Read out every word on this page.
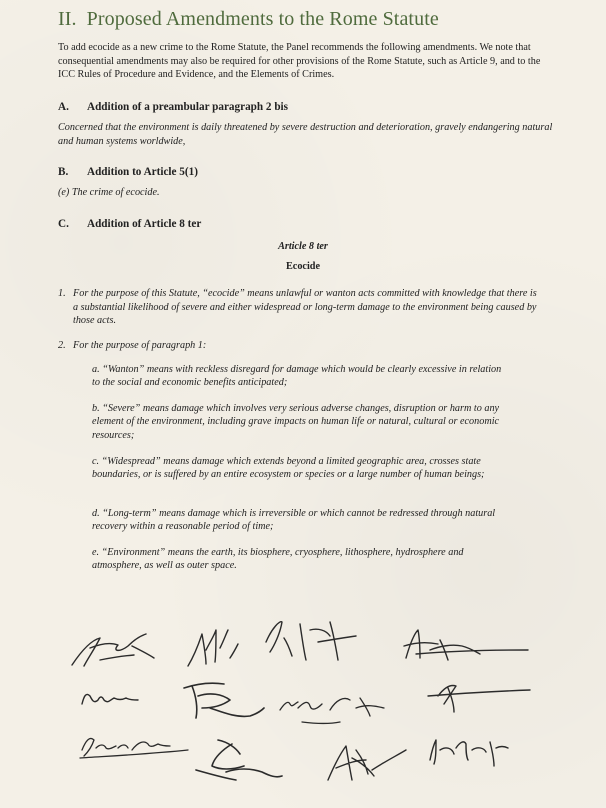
II. Proposed Amendments to the Rome Statute
To add ecocide as a new crime to the Rome Statute, the Panel recommends the following amendments. We note that consequential amendments may also be required for other provisions of the Rome Statute, such as Article 9, and to the ICC Rules of Procedure and Evidence, and the Elements of Crimes.
A. Addition of a preambular paragraph 2 bis
Concerned that the environment is daily threatened by severe destruction and deterioration, gravely endangering natural and human systems worldwide,
B. Addition to Article 5(1)
(e) The crime of ecocide.
C. Addition of Article 8 ter
Article 8 ter
Ecocide
1. For the purpose of this Statute, “ecocide” means unlawful or wanton acts committed with knowledge that there is a substantial likelihood of severe and either widespread or long-term damage to the environment being caused by those acts.
2. For the purpose of paragraph 1:
a. “Wanton” means with reckless disregard for damage which would be clearly excessive in relation to the social and economic benefits anticipated;
b. “Severe” means damage which involves very serious adverse changes, disruption or harm to any element of the environment, including grave impacts on human life or natural, cultural or economic resources;
c. “Widespread” means damage which extends beyond a limited geographic area, crosses state boundaries, or is suffered by an entire ecosystem or species or a large number of human beings;
d. “Long-term” means damage which is irreversible or which cannot be redressed through natural recovery within a reasonable period of time;
e. “Environment” means the earth, its biosphere, cryosphere, lithosphere, hydrosphere and atmosphere, as well as outer space.
